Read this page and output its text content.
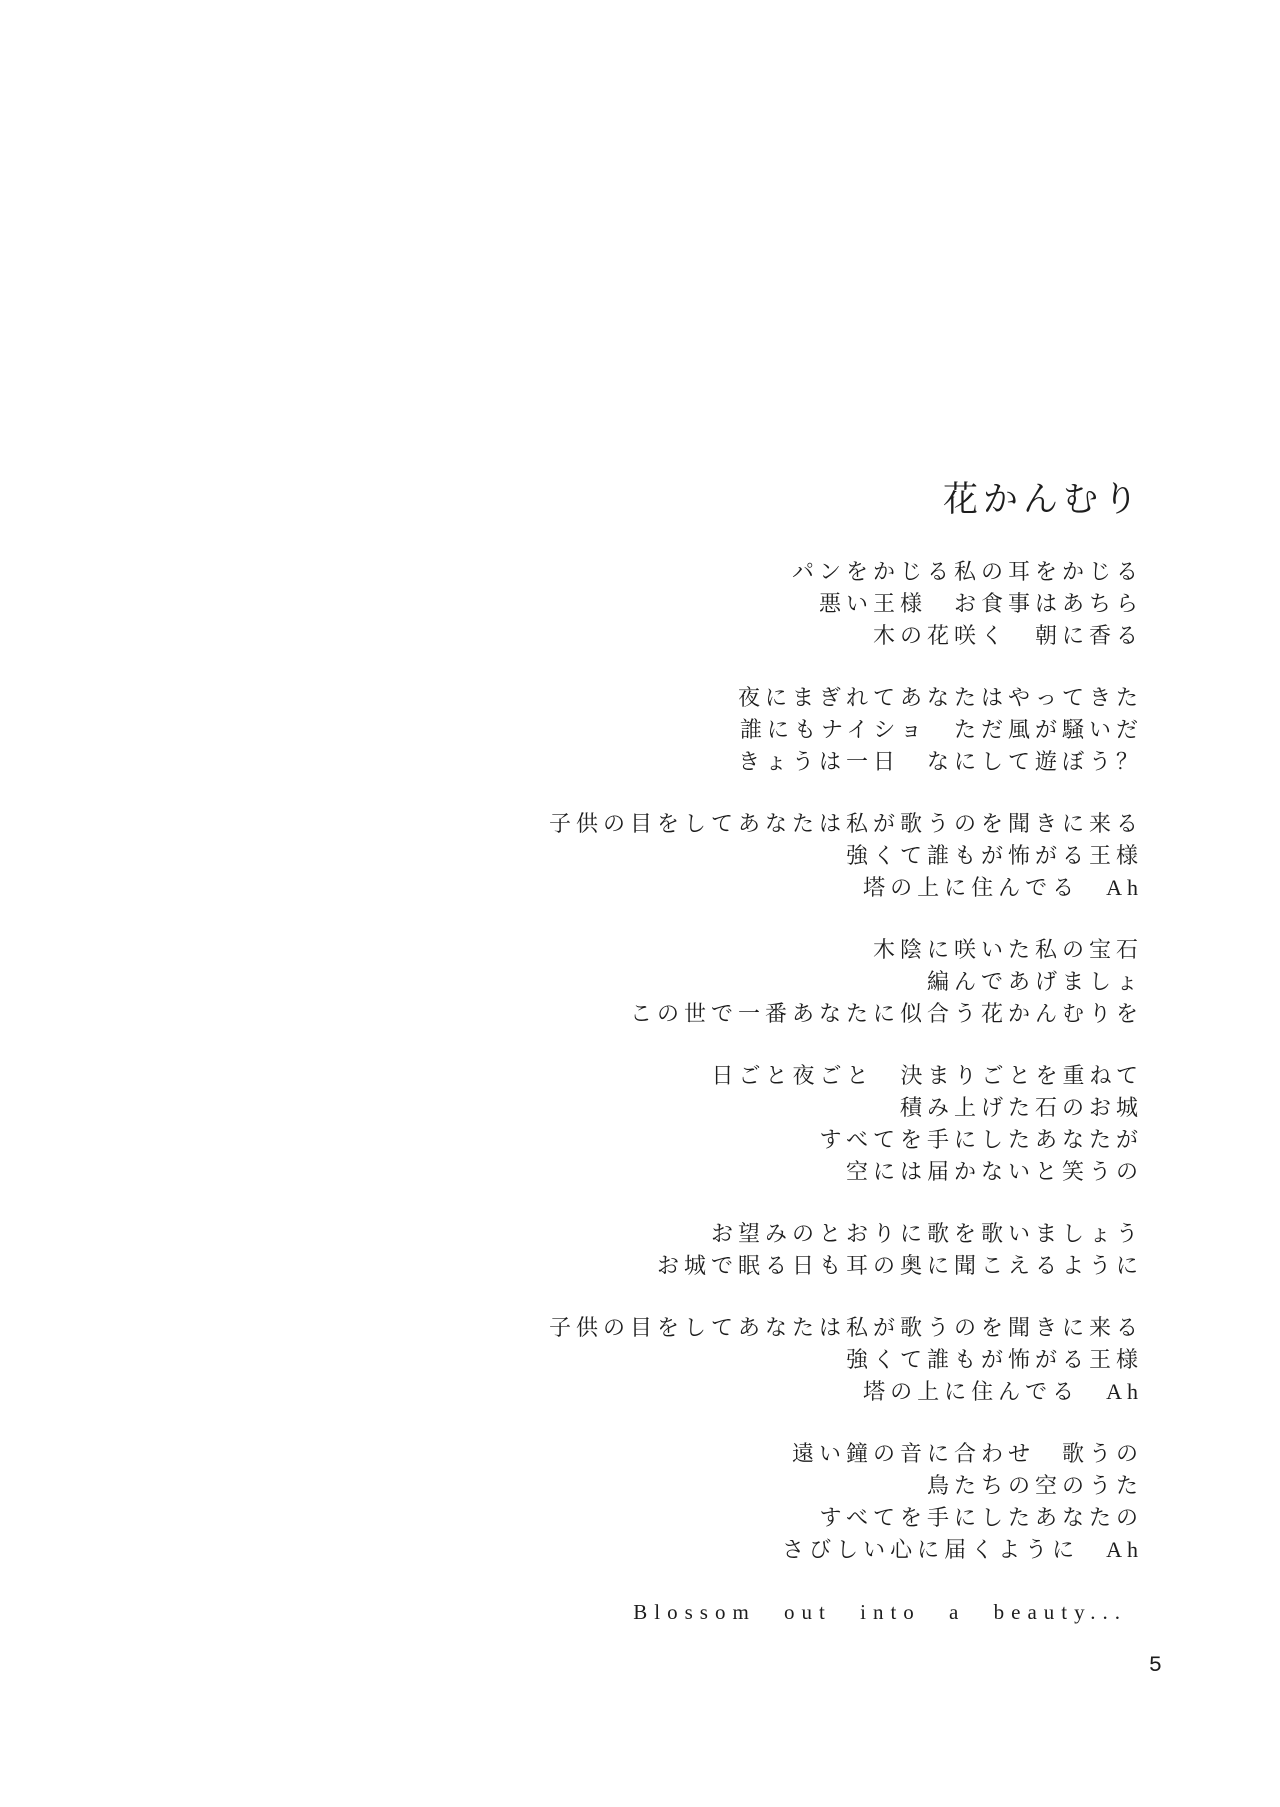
花かんむり
パンをかじる私の耳をかじる
悪い王様　お食事はあちら
木の花咲く　朝に香る
夜にまぎれてあなたはやってきた
誰にもナイショ　ただ風が騒いだ
きょうは一日　なにして遊ぼう？
子供の目をしてあなたは私が歌うのを聞きに来る
強くて誰もが怖がる王様
塔の上に住んでる　Ah
木陰に咲いた私の宝石
編んであげましょ
この世で一番あなたに似合う花かんむりを
日ごと夜ごと　決まりごとを重ねて
積み上げた石のお城
すべてを手にしたあなたが
空には届かないと笑うの
お望みのとおりに歌を歌いましょう
お城で眠る日も耳の奥に聞こえるように
子供の目をしてあなたは私が歌うのを聞きに来る
強くて誰もが怖がる王様
塔の上に住んでる　Ah
遠い鐘の音に合わせ　歌うの
鳥たちの空のうた
すべてを手にしたあなたの
さびしい心に届くように　Ah
Blossom out into a beauty...
5
